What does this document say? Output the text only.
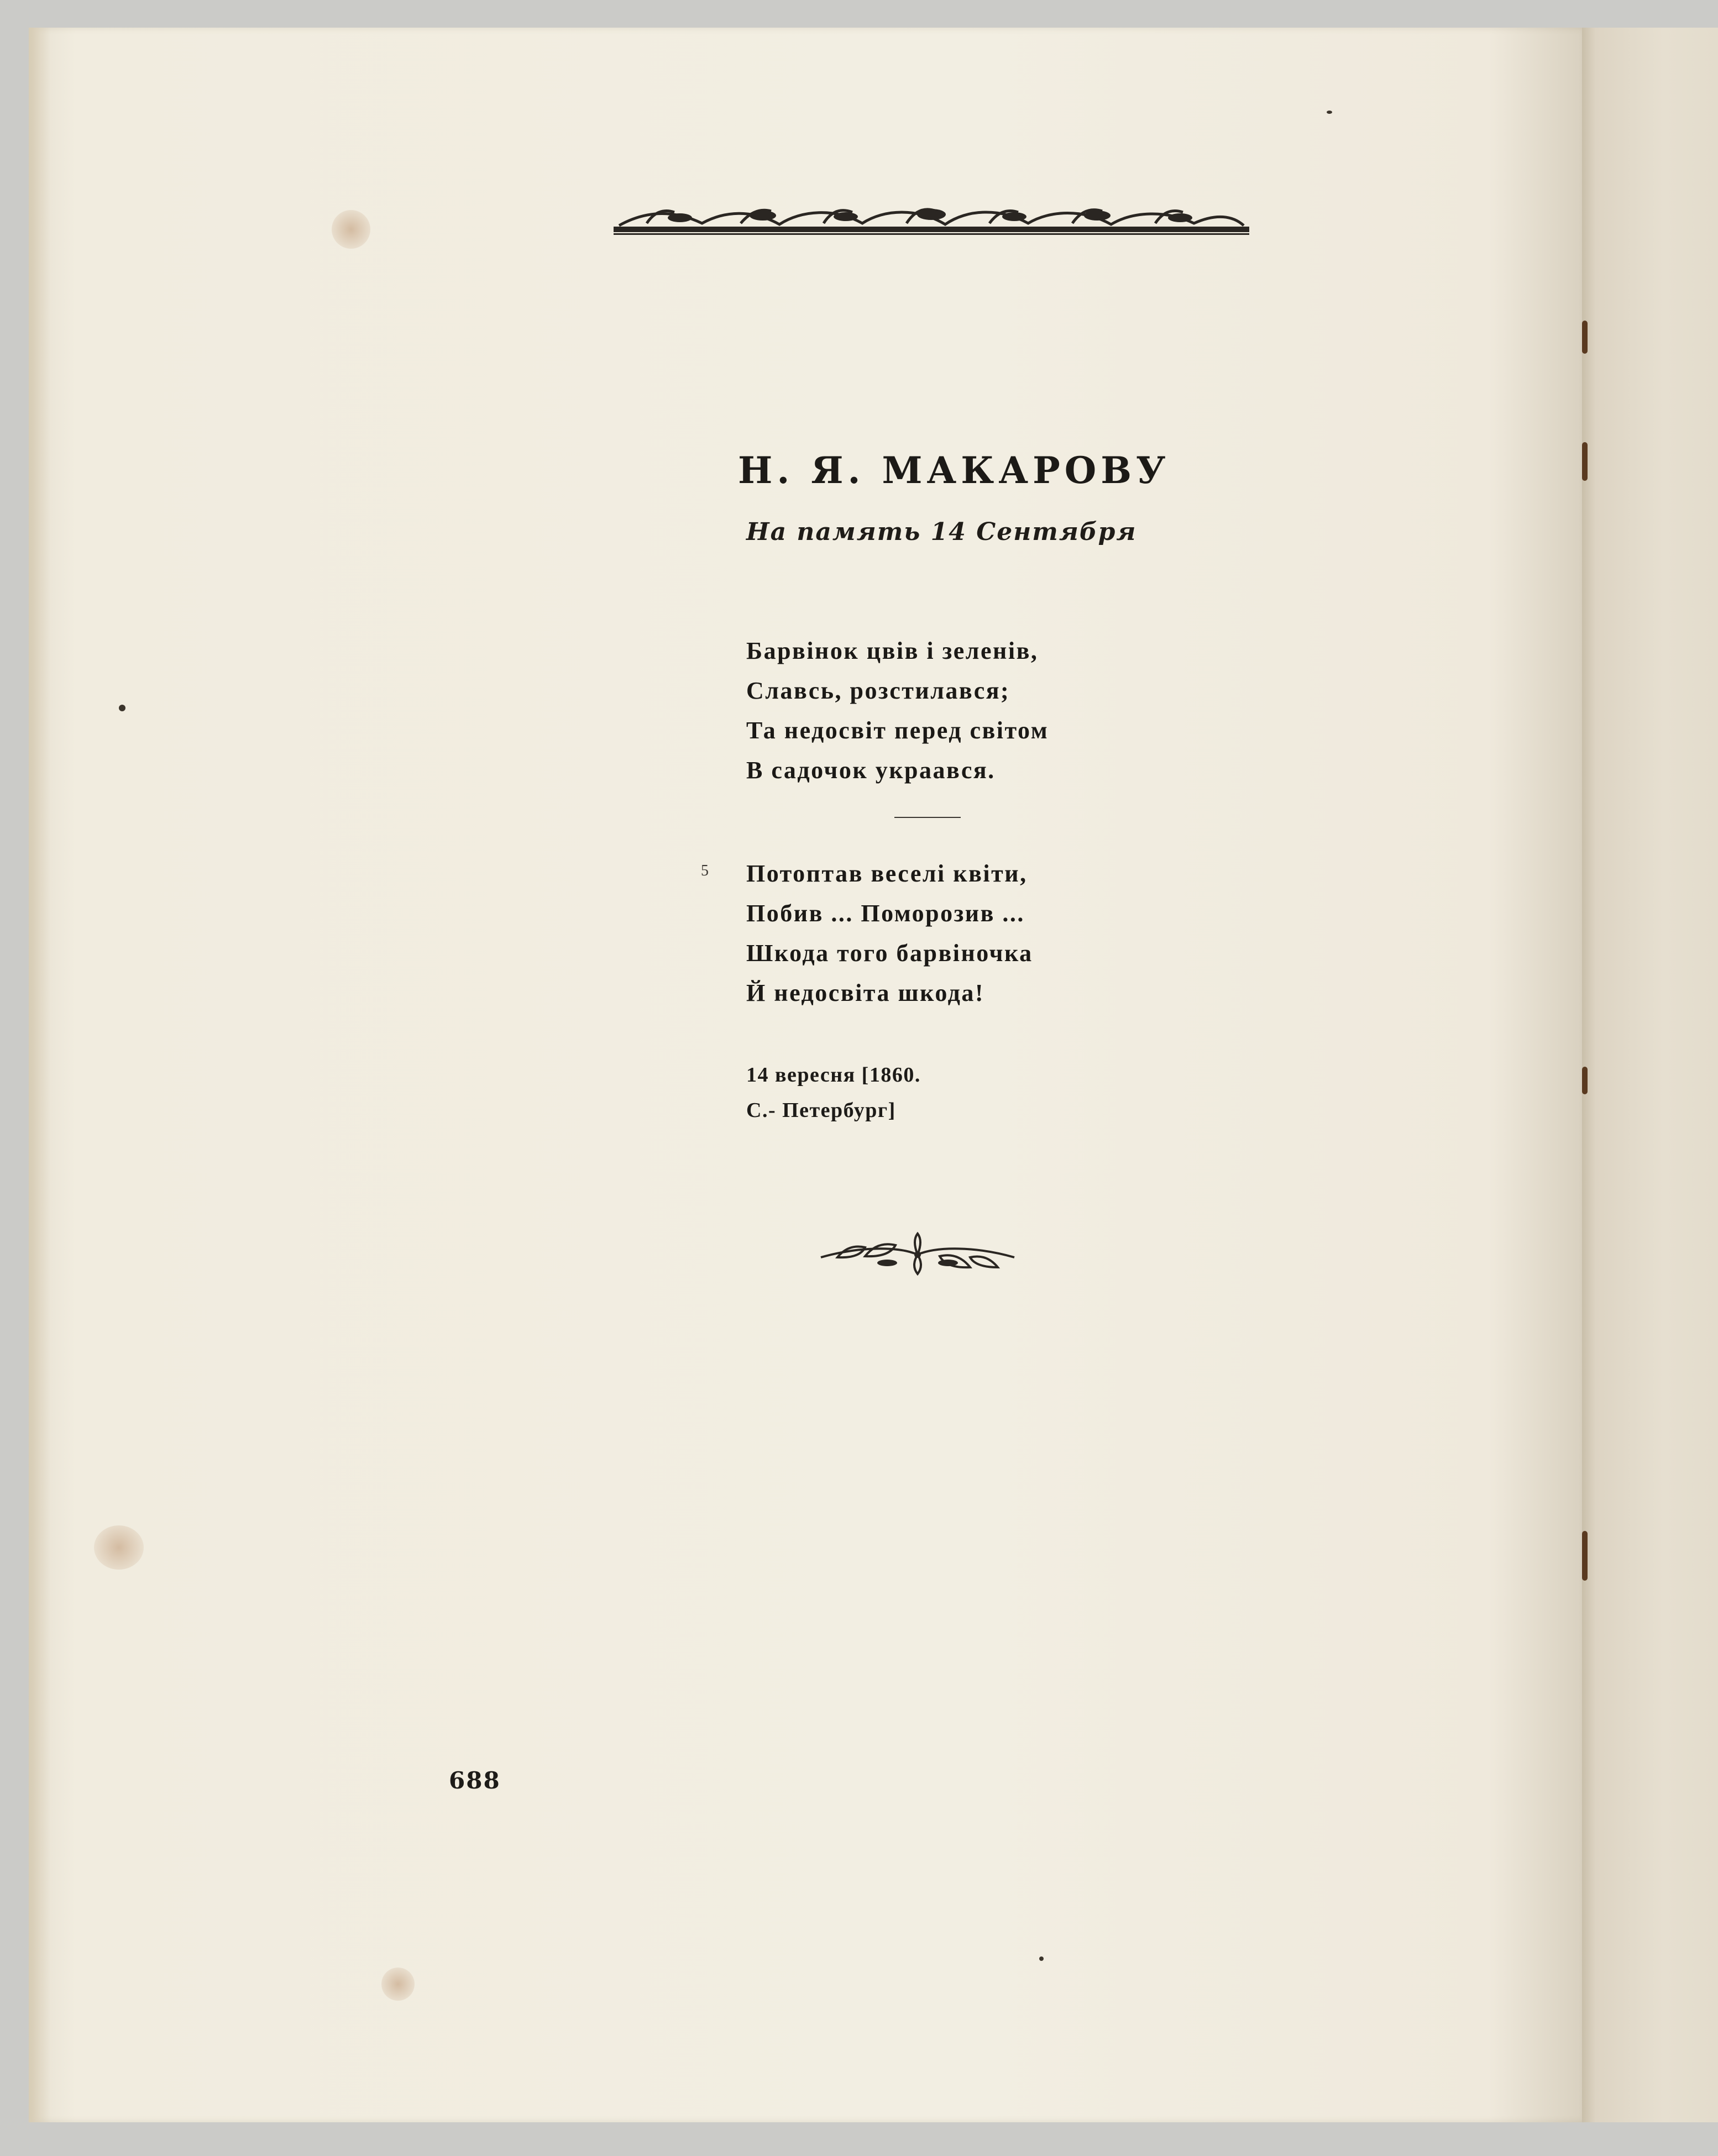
Н. Я. МАКАРОВУ
На память 14 Сентября
Барвінок цвів і зеленів,
Славсь, розстилався;
Та недосвіт перед світом
В садочок украався.
5 Потоптав веселі квіти,
Побив ... Поморозив ...
Шкода того барвіночка
Й недосвіта шкода!
14 вересня [1860.
С.- Петербург]
688
